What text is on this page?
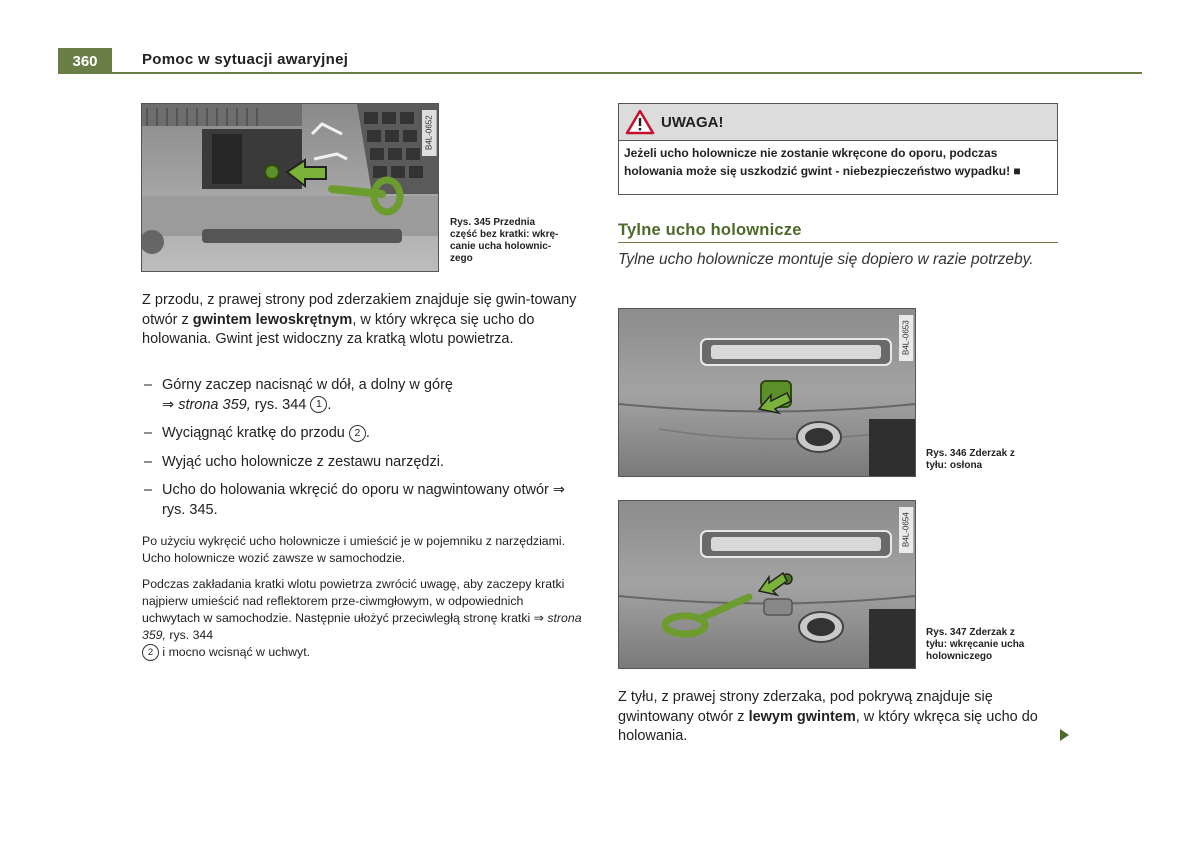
360	Pomoc w sytuacji awaryjnej
B4L-0652
Rys. 345 Przednia
część bez kratki: wkrę-
canie ucha holownic-
zego
Z przodu, z prawej strony pod zderzakiem znajduje się gwin-towany otwór z gwintem lewoskrętnym, w który wkręca się ucho do holowania. Gwint jest widoczny za kratką wlotu powietrza.
– Górny zaczep nacisnąć w dół, a dolny w górę
⇒ strona 359, rys. 344 1 .
– Wyciągnąć kratkę do przodu 2 .
– Wyjąć ucho holownicze z zestawu narzędzi.
– Ucho do holowania wkręcić do oporu w nagwintowany otwór ⇒ rys. 345.
Po użyciu wykręcić ucho holownicze i umieścić je w pojemniku z narzędziami. Ucho holownicze wozić zawsze w samochodzie.
Podczas zakładania kratki wlotu powietrza zwrócić uwagę, aby zaczepy kratki najpierw umieścić nad reflektorem prze-ciwmgłowym, w odpowiednich uchwytach w samochodzie. Następnie ułożyć przeciwległą stronę kratki ⇒ strona 359, rys. 344
2 i mocno wcisnąć w uchwyt.
UWAGA!
Jeżeli ucho holownicze nie zostanie wkręcone do oporu, podczas holowania może się uszkodzić gwint - niebezpieczeństwo wypadku! ■
Tylne ucho holownicze
Tylne ucho holownicze montuje się dopiero w razie potrzeby.
B4L-0653
Rys. 346 Zderzak z
tyłu: osłona
B4L-0654
Rys. 347 Zderzak z
tyłu: wkręcanie ucha
holowniczego
Z tyłu, z prawej strony zderzaka, pod pokrywą znajduje się gwintowany otwór z lewym gwintem, w który wkręca się ucho do holowania.
